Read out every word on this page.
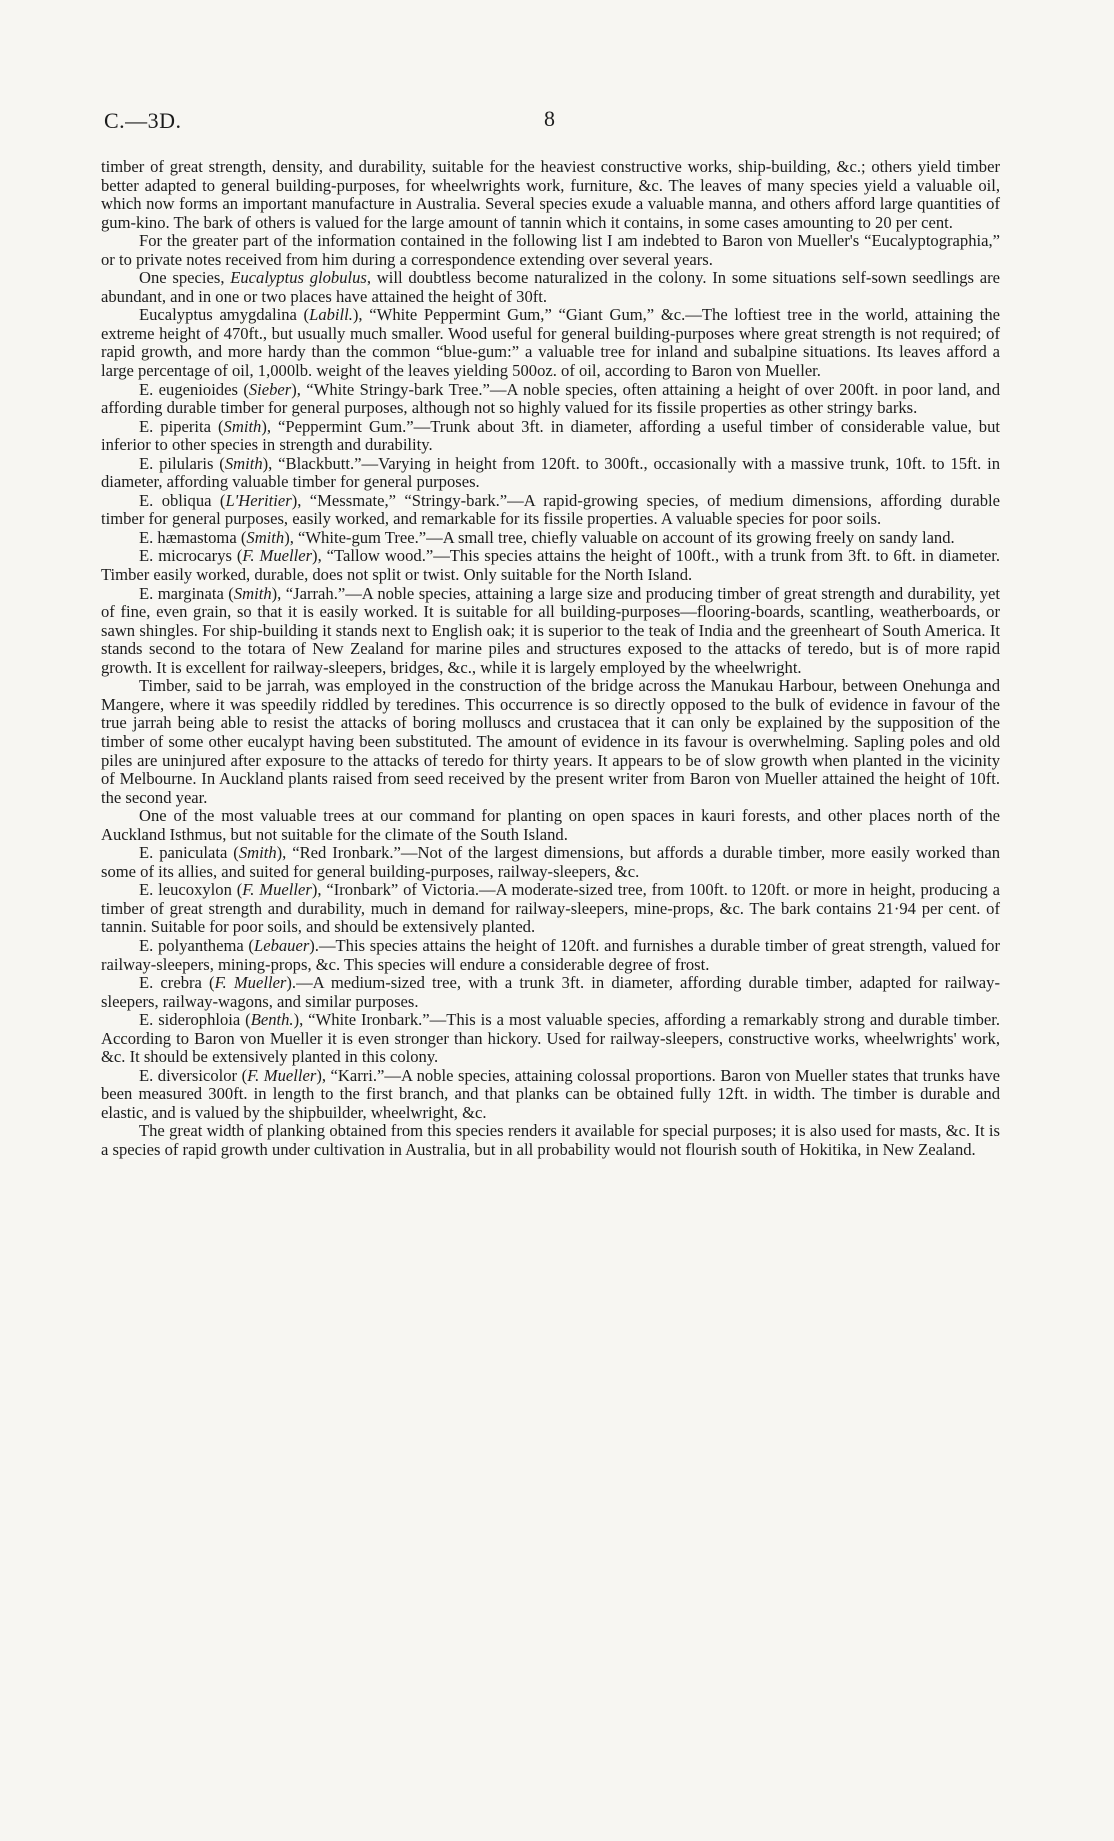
C.—3D.	8

timber of great strength, density, and durability, suitable for the heaviest constructive works, ship-building, &c.; others yield timber better adapted to general building-purposes, for wheelwrights work, furniture, &c. The leaves of many species yield a valuable oil, which now forms an important manufacture in Australia. Several species exude a valuable manna, and others afford large quantities of gum-kino. The bark of others is valued for the large amount of tannin which it contains, in some cases amounting to 20 per cent.

For the greater part of the information contained in the following list I am indebted to Baron von Mueller's “Eucalyptographia,” or to private notes received from him during a correspondence extending over several years.

One species, Eucalyptus globulus, will doubtless become naturalized in the colony. In some situations self-sown seedlings are abundant, and in one or two places have attained the height of 30ft.

Eucalyptus amygdalina (Labill.), “White Peppermint Gum,” “Giant Gum,” &c.—The loftiest tree in the world, attaining the extreme height of 470ft., but usually much smaller. Wood useful for general building-purposes where great strength is not required; of rapid growth, and more hardy than the common “blue-gum:” a valuable tree for inland and subalpine situations. Its leaves afford a large percentage of oil, 1,000lb. weight of the leaves yielding 500oz. of oil, according to Baron von Mueller.

E. eugenioides (Sieber), “White Stringy-bark Tree.”—A noble species, often attaining a height of over 200ft. in poor land, and affording durable timber for general purposes, although not so highly valued for its fissile properties as other stringy barks.

E. piperita (Smith), “Peppermint Gum.”—Trunk about 3ft. in diameter, affording a useful timber of considerable value, but inferior to other species in strength and durability.

E. pilularis (Smith), “Blackbutt.”—Varying in height from 120ft. to 300ft., occasionally with a massive trunk, 10ft. to 15ft. in diameter, affording valuable timber for general purposes.

E. obliqua (L'Heritier), “Messmate,” “Stringy-bark.”—A rapid-growing species, of medium dimensions, affording durable timber for general purposes, easily worked, and remarkable for its fissile properties. A valuable species for poor soils.

E. hæmastoma (Smith), “White-gum Tree.”—A small tree, chiefly valuable on account of its growing freely on sandy land.

E. microcarys (F. Mueller), “Tallow wood.”—This species attains the height of 100ft., with a trunk from 3ft. to 6ft. in diameter. Timber easily worked, durable, does not split or twist. Only suitable for the North Island.

E. marginata (Smith), “Jarrah.”—A noble species, attaining a large size and producing timber of great strength and durability, yet of fine, even grain, so that it is easily worked. It is suitable for all building-purposes—flooring-boards, scantling, weatherboards, or sawn shingles. For ship-building it stands next to English oak; it is superior to the teak of India and the greenheart of South America. It stands second to the totara of New Zealand for marine piles and structures exposed to the attacks of teredo, but is of more rapid growth. It is excellent for railway-sleepers, bridges, &c., while it is largely employed by the wheelwright.

Timber, said to be jarrah, was employed in the construction of the bridge across the Manukau Harbour, between Onehunga and Mangere, where it was speedily riddled by teredines. This occurrence is so directly opposed to the bulk of evidence in favour of the true jarrah being able to resist the attacks of boring molluscs and crustacea that it can only be explained by the supposition of the timber of some other eucalypt having been substituted. The amount of evidence in its favour is overwhelming. Sapling poles and old piles are uninjured after exposure to the attacks of teredo for thirty years. It appears to be of slow growth when planted in the vicinity of Melbourne. In Auckland plants raised from seed received by the present writer from Baron von Mueller attained the height of 10ft. the second year.

One of the most valuable trees at our command for planting on open spaces in kauri forests, and other places north of the Auckland Isthmus, but not suitable for the climate of the South Island.

E. paniculata (Smith), “Red Ironbark.”—Not of the largest dimensions, but affords a durable timber, more easily worked than some of its allies, and suited for general building-purposes, railway-sleepers, &c.

E. leucoxylon (F. Mueller), “Ironbark” of Victoria.—A moderate-sized tree, from 100ft. to 120ft. or more in height, producing a timber of great strength and durability, much in demand for railway-sleepers, mine-props, &c. The bark contains 21·94 per cent. of tannin. Suitable for poor soils, and should be extensively planted.

E. polyanthema (Lebauer).—This species attains the height of 120ft. and furnishes a durable timber of great strength, valued for railway-sleepers, mining-props, &c. This species will endure a considerable degree of frost.

E. crebra (F. Mueller).—A medium-sized tree, with a trunk 3ft. in diameter, affording durable timber, adapted for railway-sleepers, railway-wagons, and similar purposes.

E. siderophloia (Benth.), “White Ironbark.”—This is a most valuable species, affording a remarkably strong and durable timber. According to Baron von Mueller it is even stronger than hickory. Used for railway-sleepers, constructive works, wheelwrights' work, &c. It should be extensively planted in this colony.

E. diversicolor (F. Mueller), “Karri.”—A noble species, attaining colossal proportions. Baron von Mueller states that trunks have been measured 300ft. in length to the first branch, and that planks can be obtained fully 12ft. in width. The timber is durable and elastic, and is valued by the shipbuilder, wheelwright, &c.

The great width of planking obtained from this species renders it available for special purposes; it is also used for masts, &c. It is a species of rapid growth under cultivation in Australia, but in all probability would not flourish south of Hokitika, in New Zealand.
